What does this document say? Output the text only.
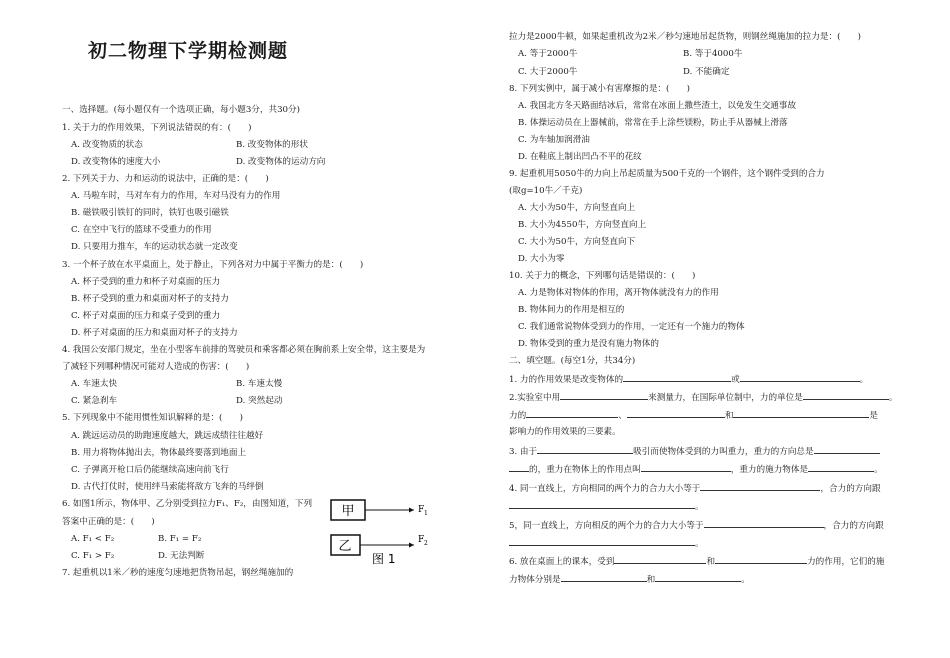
初二物理下学期检测题
一、选择题。(每小题仅有一个选项正确，每小题3分，共30分)
1. 关于力的作用效果，下列说法错误的有：(　　)
A. 改变物质的状态	B. 改变物体的形状
D. 改变物体的速度大小	D. 改变物体的运动方向
2. 下列关于力、力和运动的说法中，正确的是：(　　)
A. 马啦车时，马对车有力的作用，车对马没有力的作用
B. 磁铁吸引铁钉的同时，铁钉也吸引磁铁
C. 在空中飞行的篮球不受重力的作用
D. 只要用力推车，车的运动状态就一定改变
3. 一个杯子放在水平桌面上，处于静止，下列各对力中属于平衡力的是：(　　)
A. 杯子受到的重力和杯子对桌面的压力
B. 杯子受到的重力和桌面对杯子的支持力
C. 杯子对桌面的压力和桌子受到的重力
D. 杯子对桌面的压力和桌面对杯子的支持力
4. 我国公安部门规定，坐在小型客车前排的驾驶员和乘客都必须在胸前系上安全带，这主要是为
了减轻下列哪种情况可能对人造成的伤害：(　　)
A. 车速太快	B. 车速太慢
C. 紧急刹车	D. 突然起动
5. 下列现象中不能用惯性知识解释的是：(　　)
A. 跳远运动员的助跑速度越大，跳远成绩往往越好
B. 用力将物体抛出去，物体最终要落到地面上
C. 子弹离开枪口后仍能继续高速向前飞行
D. 古代打仗时，使用绊马索能将敌方飞奔的马绊倒
6. 如图1所示，物体甲、乙分别受到拉力F₁、F₂，由图知道，下列
答案中正确的是：(　　)
A. F₁ < F₂	B. F₁ = F₂
C. F₁ > F₂	D. 无法判断
7. 起重机以1米／秒的速度匀速地把货物吊起，钢丝绳施加的
甲	F 1
乙	F 2
图 1
拉力是2000牛顿，如果起重机改为2米／秒匀速地吊起货物，则钢丝绳施加的拉力是：(　　)
A. 等于2000牛	B. 等于4000牛
C. 大于2000牛	D. 不能确定
8. 下列实例中，属于减小有害摩擦的是：(　　)
A. 我国北方冬天路面结冰后，常常在冰面上撒些渣土，以免发生交通事故
B. 体操运动员在上器械前，常常在手上涂些镁粉，防止手从器械上滑落
C. 为车轴加润滑油
D. 在鞋底上制出凹凸不平的花纹
9. 起重机用5050牛的力向上吊起质量为500千克的一个钢件，这个钢件受到的合力
(取g=10牛／千克)
A. 大小为50牛，方向竖直向上
B. 大小为4550牛，方向竖直向上
C. 大小为50牛，方向竖直向下
D. 大小为零
10. 关于力的概念，下列哪句话是错误的：(　　)
A. 力是物体对物体的作用，离开物体就没有力的作用
B. 物体间力的作用是相互的
C. 我们通常说物体受到力的作用，一定还有一个施力的物体
D. 物体受到的重力是没有施力物体的
二、填空题。(每空1分，共34分)
1. 力的作用效果是改变物体的	或	。
2.实验室中用	来测量力，在国际单位制中，力的单位是	。
力的	、	和	是
影响力的作用效果的三要素。
3. 由于	吸引而使物体受到的力叫重力，重力的方向总是
的，重力在物体上的作用点叫	，重力的施力物体是	。
4. 同一直线上，方向相同的两个力的合力大小等于	，合力的方向跟
。
5，同一直线上，方向相反的两个力的合力大小等于	，合力的方向跟
。
6. 放在桌面上的课本，受到	和	力的作用，它们的施
力物体分别是	和	。
